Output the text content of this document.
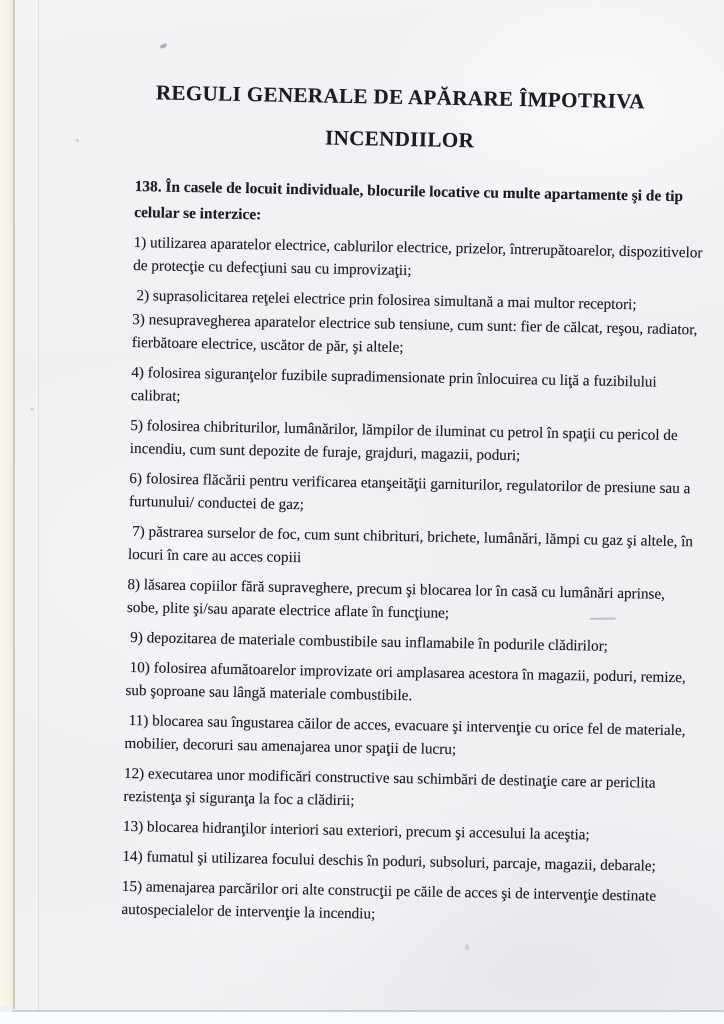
REGULI GENERALE DE APĂRARE ÎMPOTRIVA
INCENDIILOR

138. În casele de locuit individuale, blocurile locative cu multe apartamente şi de tip celular se interzice:

1) utilizarea aparatelor electrice, cablurilor electrice, prizelor, întrerupătoarelor, dispozitivelor de protecţie cu defecţiuni sau cu improvizaţii;

2) suprasolicitarea reţelei electrice prin folosirea simultană a mai multor receptori;

3) nesupravegherea aparatelor electrice sub tensiune, cum sunt: fier de călcat, reşou, radiator, fierbătoare electrice, uscător de păr, şi altele;

4) folosirea siguranţelor fuzibile supradimensionate prin înlocuirea cu liţă a fuzibilului calibrat;

5) folosirea chibriturilor, lumânărilor, lămpilor de iluminat cu petrol în spaţii cu pericol de incendiu, cum sunt depozite de furaje, grajduri, magazii, poduri;

6) folosirea flăcării pentru verificarea etanşeităţii garniturilor, regulatorilor de presiune sau a furtunului/ conductei de gaz;

7) păstrarea surselor de foc, cum sunt chibrituri, brichete, lumânări, lămpi cu gaz şi altele, în locuri în care au acces copiii

8) lăsarea copiilor fără supraveghere, precum şi blocarea lor în casă cu lumânări aprinse, sobe, plite şi/sau aparate electrice aflate în funcţiune;

9) depozitarea de materiale combustibile sau inflamabile în podurile clădirilor;

10) folosirea afumătoarelor improvizate ori amplasarea acestora în magazii, poduri, remize, sub şoproane sau lângă materiale combustibile.

11) blocarea sau îngustarea căilor de acces, evacuare şi intervenţie cu orice fel de materiale, mobilier, decoruri sau amenajarea unor spaţii de lucru;

12) executarea unor modificări constructive sau schimbări de destinaţie care ar periclita rezistenţa şi siguranţa la foc a clădirii;

13) blocarea hidranţilor interiori sau exteriori, precum şi accesului la aceştia;

14) fumatul şi utilizarea focului deschis în poduri, subsoluri, parcaje, magazii, debarale;

15) amenajarea parcărilor ori alte construcţii pe căile de acces şi de intervenţie destinate autospecialelor de intervenţie la incendiu;
